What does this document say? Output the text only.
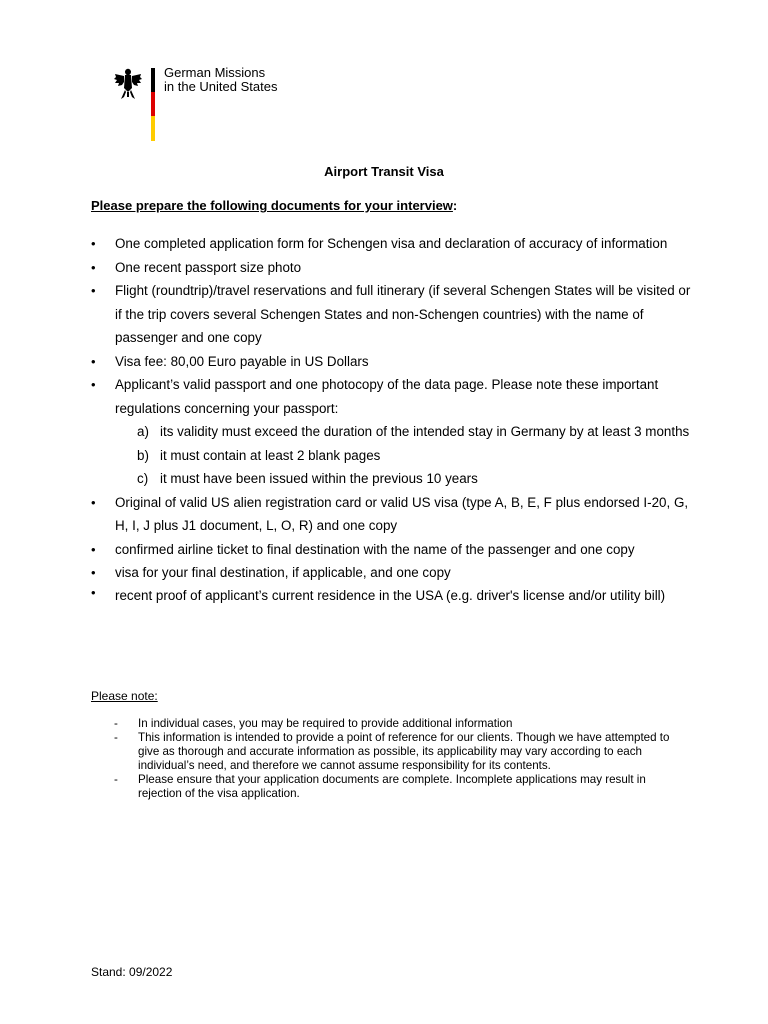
German Missions
in the United States
Airport Transit Visa
Please prepare the following documents for your interview:
• One completed application form for Schengen visa and declaration of accuracy of information
• One recent passport size photo
• Flight (roundtrip)/travel reservations and full itinerary (if several Schengen States will be visited or if the trip covers several Schengen States and non-Schengen countries) with the name of passenger and one copy
• Visa fee: 80,00 Euro payable in US Dollars
• Applicant’s valid passport and one photocopy of the data page. Please note these important regulations concerning your passport:
a) its validity must exceed the duration of the intended stay in Germany by at least 3 months
b) it must contain at least 2 blank pages
c) it must have been issued within the previous 10 years
• Original of valid US alien registration card or valid US visa (type A, B, E, F plus endorsed I-20, G, H, I, J plus J1 document, L, O, R) and one copy
• confirmed airline ticket to final destination with the name of the passenger and one copy
• visa for your final destination, if applicable, and one copy
• recent proof of applicant’s current residence in the USA (e.g. driver's license and/or utility bill)
Please note:
- In individual cases, you may be required to provide additional information
- This information is intended to provide a point of reference for our clients. Though we have attempted to give as thorough and accurate information as possible, its applicability may vary according to each individual’s need, and therefore we cannot assume responsibility for its contents.
- Please ensure that your application documents are complete. Incomplete applications may result in rejection of the visa application.
Stand: 09/2022
